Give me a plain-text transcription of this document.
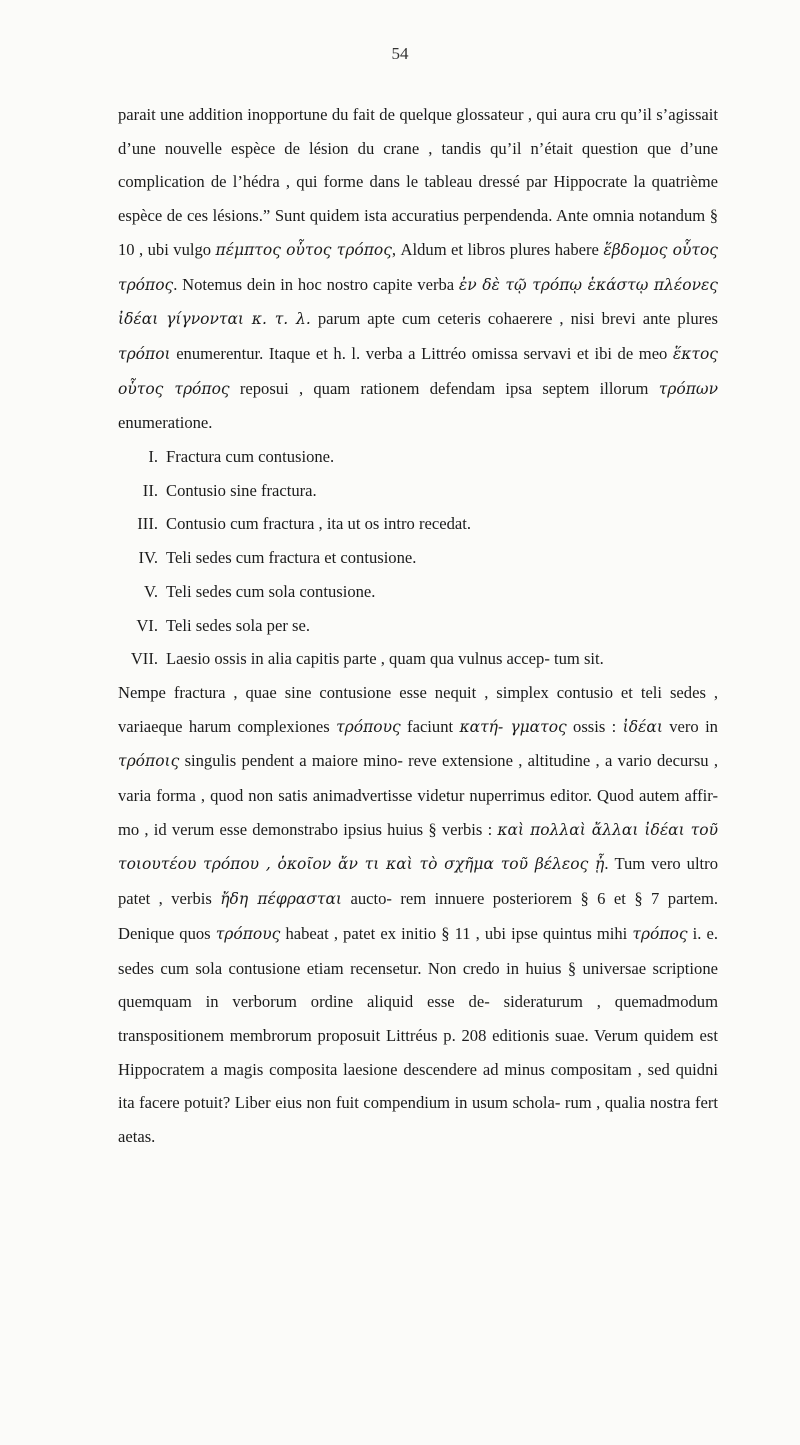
54

parait une addition inopportune du fait de quelque glossateur , qui aura cru qu’il s’agissait d’une nouvelle espèce de lésion du crane , tandis qu’il n’était question que d’une complication de l’hédra , qui forme dans le tableau dressé par Hippocrate la quatrième espèce de ces lésions.” Sunt quidem ista accuratius perpendenda. Ante omnia notandum § 10 , ubi vulgo πέμπτος οὗτος τρόπος, Aldum et libros plures habere ἕβδομος οὗτος τρόπος. Notemus dein in hoc nostro capite verba ἐν δὲ τῷ τρόπῳ ἑκάστῳ πλέονες ἰδέαι γίγνονται κ. τ. λ. parum apte cum ceteris cohaerere , nisi brevi ante plures τρόποι enumerentur. Itaque et h. l. verba a Littréo omissa servavi et ibi de meo ἕκτος οὗτος τρόπος reposui , quam rationem defendam ipsa septem illorum τρόπων enumeratione.

I. Fractura cum contusione.
II. Contusio sine fractura.
III. Contusio cum fractura , ita ut os intro recedat.
IV. Teli sedes cum fractura et contusione.
V. Teli sedes cum sola contusione.
VI. Teli sedes sola per se.
VII. Laesio ossis in alia capitis parte , quam qua vulnus accep- tum sit.

Nempe fractura , quae sine contusione esse nequit , simplex contusio et teli sedes , variaeque harum complexiones τρόπους faciunt κατή- γματος ossis : ἰδέαι vero in τρόποις singulis pendent a maiore mino- reve extensione , altitudine , a vario decursu , varia forma , quod non satis animadvertisse videtur nuperrimus editor. Quod autem affir- mo , id verum esse demonstrabo ipsius huius § verbis : καὶ πολλαὶ ἄλλαι ἰδέαι τοῦ τοιουτέου τρόπου , ὁκοῖον ἄν τι καὶ τὸ σχῆμα τοῦ βέλεος ᾖ. Tum vero ultro patet , verbis ἤδη πέφρασται aucto- rem innuere posteriorem § 6 et § 7 partem. Denique quos τρόπους habeat , patet ex initio § 11 , ubi ipse quintus mihi τρόπος i. e. sedes cum sola contusione etiam recensetur. Non credo in huius § universae scriptione quemquam in verborum ordine aliquid esse de- sideraturum , quemadmodum transpositionem membrorum proposuit Littréus p. 208 editionis suae. Verum quidem est Hippocratem a magis composita laesione descendere ad minus compositam , sed quidni ita facere potuit? Liber eius non fuit compendium in usum schola- rum , qualia nostra fert aetas.
